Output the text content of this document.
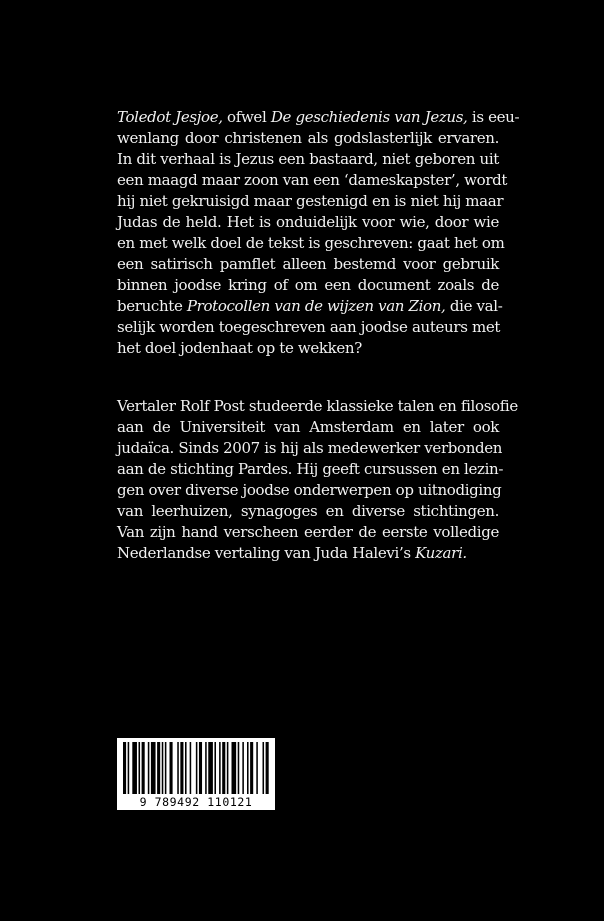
Toledot Jesjoe, ofwel De geschiedenis van Jezus, is eeu-
wenlang door christenen als godslasterlijk ervaren.
In dit verhaal is Jezus een bastaard, niet geboren uit
een maagd maar zoon van een ‘dameskapster’, wordt
hij niet gekruisigd maar gestenigd en is niet hij maar
Judas de held. Het is onduidelijk voor wie, door wie
en met welk doel de tekst is geschreven: gaat het om
een satirisch pamflet alleen bestemd voor gebruik
binnen joodse kring of om een document zoals de
beruchte Protocollen van de wijzen van Zion, die val-
selijk worden toegeschreven aan joodse auteurs met
het doel jodenhaat op te wekken?
Vertaler Rolf Post studeerde klassieke talen en filosofie
aan de Universiteit van Amsterdam en later ook
judaïca. Sinds 2007 is hij als medewerker verbonden
aan de stichting Pardes. Hij geeft cursussen en lezin-
gen over diverse joodse onderwerpen op uitnodiging
van leerhuizen, synagoges en diverse stichtingen.
Van zijn hand verscheen eerder de eerste volledige
Nederlandse vertaling van Juda Halevi’s Kuzari.
9 789492 110121
